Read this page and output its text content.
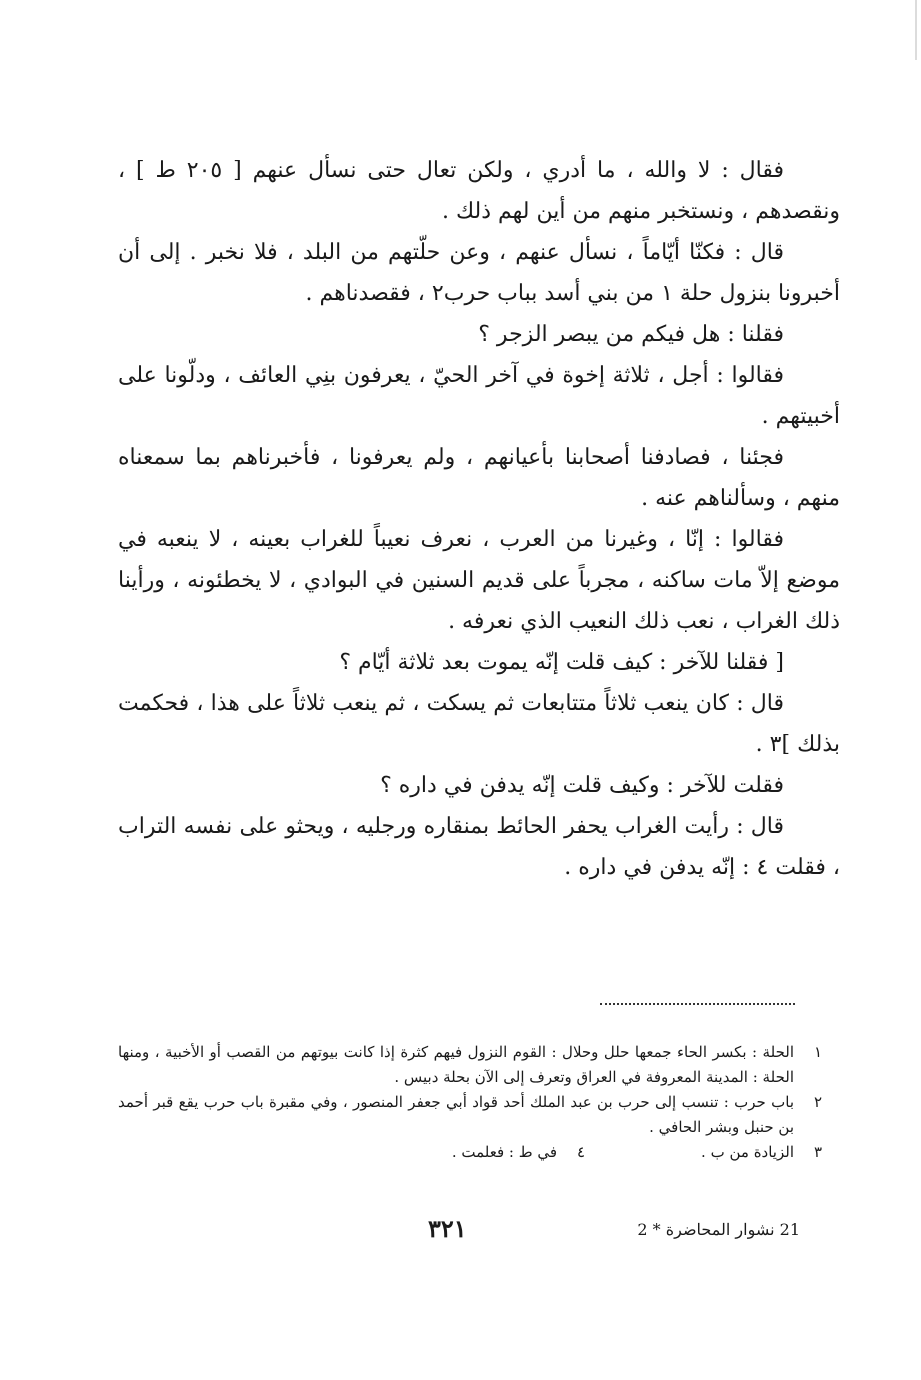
فقال : لا والله ، ما أدري ، ولكن تعال حتى نسأل عنهم [ ٢٠٥ ط ] ، ونقصدهم ، ونستخبر منهم من أين لهم ذلك .

قال : فكنّا أيّاماً ، نسأل عنهم ، وعن حلّتهم من البلد ، فلا نخبر . إلى أن أخبرونا بنزول حلة ١ من بني أسد بباب حرب٢ ، فقصدناهم .

فقلنا : هل فيكم من يبصر الزجر ؟

فقالوا : أجل ، ثلاثة إخوة في آخر الحيّ ، يعرفون بنِي العائف ، ودلّونا على أخبيتهم .

فجئنا ، فصادفنا أصحابنا بأعيانهم ، ولم يعرفونا ، فأخبرناهم بما سمعناه منهم ، وسألناهم عنه .

فقالوا : إنّا ، وغيرنا من العرب ، نعرف نعيباً للغراب بعينه ، لا ينعبه في موضع إلاّ مات ساكنه ، مجرباً على قديم السنين في البوادي ، لا يخطئونه ، ورأينا ذلك الغراب ، نعب ذلك النعيب الذي نعرفه .

[ فقلنا للآخر : كيف قلت إنّه يموت بعد ثلاثة أيّام ؟

قال : كان ينعب ثلاثاً متتابعات ثم يسكت ، ثم ينعب ثلاثاً على هذا ، فحكمت بذلك ]٣ .

فقلت للآخر : وكيف قلت إنّه يدفن في داره ؟

قال : رأيت الغراب يحفر الحائط بمنقاره ورجليه ، ويحثو على نفسه التراب ، فقلت ٤ : إنّه يدفن في داره .

١
الحلة : بكسر الحاء جمعها حلل وحلال : القوم النزول فيهم كثرة إذا كانت بيوتهم من القصب أو الأخبية ، ومنها الحلة : المدينة المعروفة في العراق وتعرف إلى الآن بحلة دبيس .
٢
باب حرب : تنسب إلى حرب بن عبد الملك أحد قواد أبي جعفر المنصور ، وفي مقبرة باب حرب يقع قبر أحمد بن حنبل وبشر الحافي .
٣
الزيادة من ب .
٤
في ط : فعلمت .
21 نشوار المحاضرة * 2
٣٢١
